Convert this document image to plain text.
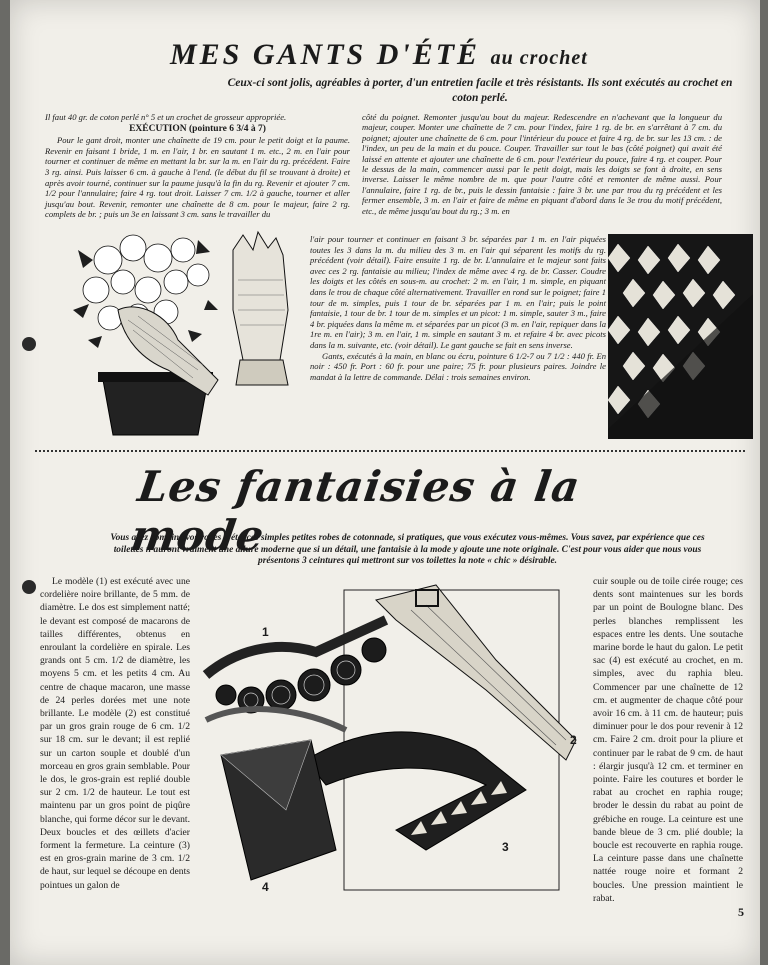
MES GANTS D'ÉTÉ au crochet
Ceux-ci sont jolis, agréables à porter, d'un entretien facile et très résistants. Ils sont exécutés au crochet en coton perlé.

Il faut 40 gr. de coton perlé n° 5 et un crochet de grosseur appropriée.

EXÉCUTION (pointure 6 3/4 à 7)

Pour le gant droit, monter une chaînette de 19 cm. pour le petit doigt et la paume. Revenir en faisant 1 bride, 1 m. en l'air, 1 br. en sautant 1 m. etc., 2 m. en l'air pour tourner et continuer de même en mettant la br. sur la m. en l'air du rg. précédent. Faire 3 rg. ainsi. Puis laisser 6 cm. à gauche à l'end. (le début du fil se trouvant à droite) et après avoir tourné, continuer sur la paume jusqu'à la fin du rg. Revenir et ajouter 7 cm. 1/2 pour l'annulaire; faire 4 rg. tout droit. Laisser 7 cm. 1/2 à gauche, tourner et aller jusqu'au bout. Revenir, remonter une chaînette de 8 cm. pour le majeur, faire 2 rg. complets de br. ; puis un 3e en laissant 3 cm. sans le travailler du

côté du poignet. Remonter jusqu'au bout du majeur. Redescendre en n'achevant que la longueur du majeur, couper. Monter une chaînette de 7 cm. pour l'index, faire 1 rg. de br. en s'arrêtant à 7 cm. du poignet; ajouter une chaînette de 6 cm. pour l'intérieur du pouce et faire 4 rg. de br. sur les 13 cm. : de l'index, un peu de la main et du pouce. Couper. Travailler sur tout le bas (côté poignet) qui avait été laissé en attente et ajouter une chaînette de 6 cm. pour l'extérieur du pouce, faire 4 rg. et couper. Pour le dessus de la main, commencer aussi par le petit doigt, mais les doigts se font à droite, en sens inverse. Laisser le même nombre de m. que pour l'autre côté et remonter de même aussi. Pour l'annulaire, faire 1 rg. de br., puis le dessin fantaisie : faire 3 br. une par trou du rg précédent et les fermer ensemble, 3 m. en l'air et faire de même en piquant d'abord dans le 3e trou du motif précédent, etc., de même jusqu'au bout du rg.; 3 m. en

l'air pour tourner et continuer en faisant 3 br. séparées par 1 m. en l'air piquées toutes les 3 dans la m. du milieu des 3 m. en l'air qui séparent les motifs du rg. précédent (voir détail). Faire ensuite 1 rg. de br. L'annulaire et le majeur sont faits avec ces 2 rg. fantaisie au milieu; l'index de même avec 4 rg. de br. Casser. Coudre les doigts et les côtés en sous-m. au crochet: 2 m. en l'air, 1 m. simple, en piquant dans le trou de chaque côté alternativement. Travailler en rond sur le poignet; faire 1 tour de m. simples, puis 1 tour de br. séparées par 1 m. en l'air; puis le point fantaisie, 1 tour de br. 1 tour de m. simples et un picot: 1 m. simple, sauter 3 m., faire 4 br. piquées dans la même m. et séparées par un picot (3 m. en l'air, repiquer dans la 1re m. en l'air); 3 m. en l'air, 1 m. simple en sautant 3 m. et refaire 4 br. avec picots dans la m. suivante, etc. (voir détail). Le gant gauche se fait en sens inverse.

Gants, exécutés à la main, en blanc ou écru, pointure 6 1/2-7 ou 7 1/2 : 440 fr. En noir : 450 fr. Port : 60 fr. pour une paire; 75 fr. pour plusieurs paires. Joindre le mandat à la lettre de commande. Délai : trois semaines environ.

Les fantaisies à la mode
Vous avez combiné vos robes d'été, ces simples petites robes de cotonnade, si pratiques, que vous exécutez vous-mêmes. Vous savez, par expérience que ces toilettes n'auront vraiment une allure moderne que si un détail, une fantaisie à la mode y ajoute une note originale. C'est pour vous aider que nous vous présentons 3 ceintures qui mettront sur vos toilettes la note « chic » désirable.

Le modèle (1) est exécuté avec une cordelière noire brillante, de 5 mm. de diamètre. Le dos est simplement natté; le devant est composé de macarons de tailles différentes, obtenus en enroulant la cordelière en spirale. Les grands ont 5 cm. 1/2 de diamètre, les moyens 5 cm. et les petits 4 cm. Au centre de chaque macaron, une masse de 24 perles dorées met une note brillante. Le modèle (2) est constitué par un gros grain rouge de 6 cm. 1/2 sur 18 cm. sur le devant; il est replié sur un carton souple et doublé d'un morceau en gros grain semblable. Pour le dos, le gros-grain est replié double sur 2 cm. 1/2 de hauteur. Le tout est maintenu par un gros point de piqûre blanche, qui forme décor sur le devant. Deux boucles et des œillets d'acier forment la fermeture. La ceinture (3) est en gros-grain marine de 3 cm. 1/2 de haut, sur lequel se découpe en dents pointues un galon de

cuir souple ou de toile cirée rouge; ces dents sont maintenues sur les bords par un point de Boulogne blanc. Des perles blanches remplissent les espaces entre les dents. Une soutache marine borde le haut du galon. Le petit sac (4) est exécuté au crochet, en m. simples, avec du raphia bleu. Commencer par une chaînette de 12 cm. et augmenter de chaque côté pour avoir 16 cm. à 11 cm. de hauteur; puis diminuer pour le dos pour revenir à 12 cm. Faire 2 cm. droit pour la pliure et continuer par le rabat de 9 cm. de haut : élargir jusqu'à 12 cm. et terminer en pointe. Faire les coutures et border le rabat au crochet en raphia rouge; broder le dessin du rabat au point de grébiche en rouge. La ceinture est une bande bleue de 3 cm. plié double; la boucle est recouverte en raphia rouge. La ceinture passe dans une chaînette nattée rouge noire et formant 2 boucles. Une pression maintient le rabat.

1
2
3
4
5
